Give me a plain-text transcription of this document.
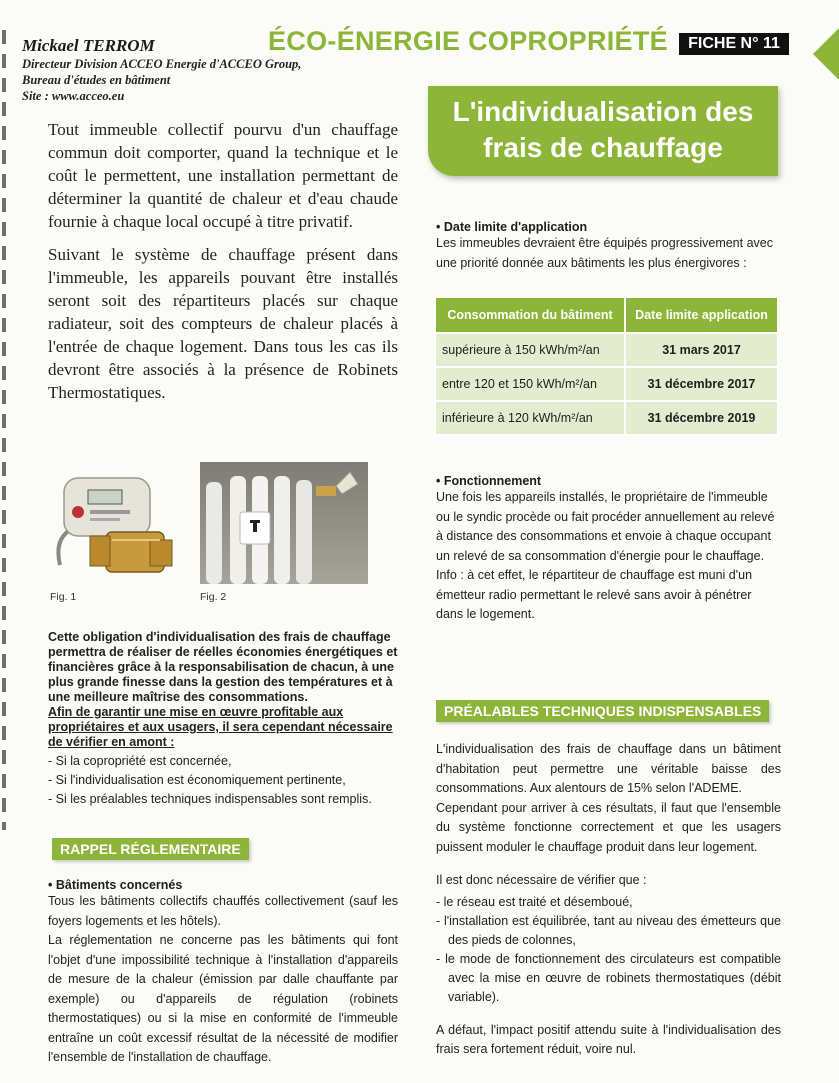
Mickael TERROM
Directeur Division ACCEO Energie d'ACCEO Group,
Bureau d'études en bâtiment
Site : www.acceo.eu
ÉCO-ÉNERGIE COPROPRIÉTÉ	FICHE N° 11
L'individualisation des
frais de chauffage

Tout immeuble collectif pourvu d'un chauffage commun doit comporter, quand la technique et le coût le permettent, une installation permettant de déterminer la quantité de chaleur et d'eau chaude fournie à chaque local occupé à titre privatif.

Suivant le système de chauffage présent dans l'immeuble, les appareils pouvant être installés seront soit des répartiteurs placés sur chaque radiateur, soit des compteurs de chaleur placés à l'entrée de chaque logement. Dans tous les cas ils devront être associés à la présence de Robinets Thermostatiques.

• Date limite d'application
Les immeubles devraient être équipés progressivement avec une priorité donnée aux bâtiments les plus énergivores :
Consommation du bâtiment	Date limite application
supérieure à 150 kWh/m²/an	31 mars 2017
entre 120 et 150 kWh/m²/an	31 décembre 2017
inférieure à 120 kWh/m²/an	31 décembre 2019
Fig. 1	Fig. 2
• Fonctionnement
Une fois les appareils installés, le propriétaire de l'immeuble ou le syndic procède ou fait procéder annuellement au relevé à distance des consommations et envoie à chaque occupant un relevé de sa consommation d'énergie pour le chauffage.
Info : à cet effet, le répartiteur de chauffage est muni d'un émetteur radio permettant le relevé sans avoir à pénétrer dans le logement.
Cette obligation d'individualisation des frais de chauffage permettra de réaliser de réelles économies énergétiques et financières grâce à la responsabilisation de chacun, à une plus grande finesse dans la gestion des températures et à une meilleure maîtrise des consommations.
Afin de garantir une mise en œuvre profitable aux propriétaires et aux usagers, il sera cependant nécessaire de vérifier en amont :
- Si la copropriété est concernée,
- Si l'individualisation est économiquement pertinente,
- Si les préalables techniques indispensables sont remplis.
RAPPEL RÉGLEMENTAIRE
• Bâtiments concernés
Tous les bâtiments collectifs chauffés collectivement (sauf les foyers logements et les hôtels).
La réglementation ne concerne pas les bâtiments qui font l'objet d'une impossibilité technique à l'installation d'appareils de mesure de la chaleur (émission par dalle chauffante par exemple) ou d'appareils de régulation (robinets thermostatiques) ou si la mise en conformité de l'immeuble entraîne un coût excessif résultat de la nécessité de modifier l'ensemble de l'installation de chauffage.
PRÉALABLES TECHNIQUES INDISPENSABLES
L'individualisation des frais de chauffage dans un bâtiment d'habitation peut permettre une véritable baisse des consommations. Aux alentours de 15% selon l'ADEME.
Cependant pour arriver à ces résultats, il faut que l'ensemble du système fonctionne correctement et que les usagers puissent moduler le chauffage produit dans leur logement.
Il est donc nécessaire de vérifier que :
- le réseau est traité et désemboué,
- l'installation est équilibrée, tant au niveau des émetteurs que des pieds de colonnes,
- le mode de fonctionnement des circulateurs est compatible avec la mise en œuvre de robinets thermostatiques (débit variable).
A défaut, l'impact positif attendu suite à l'individualisation des frais sera fortement réduit, voire nul.
